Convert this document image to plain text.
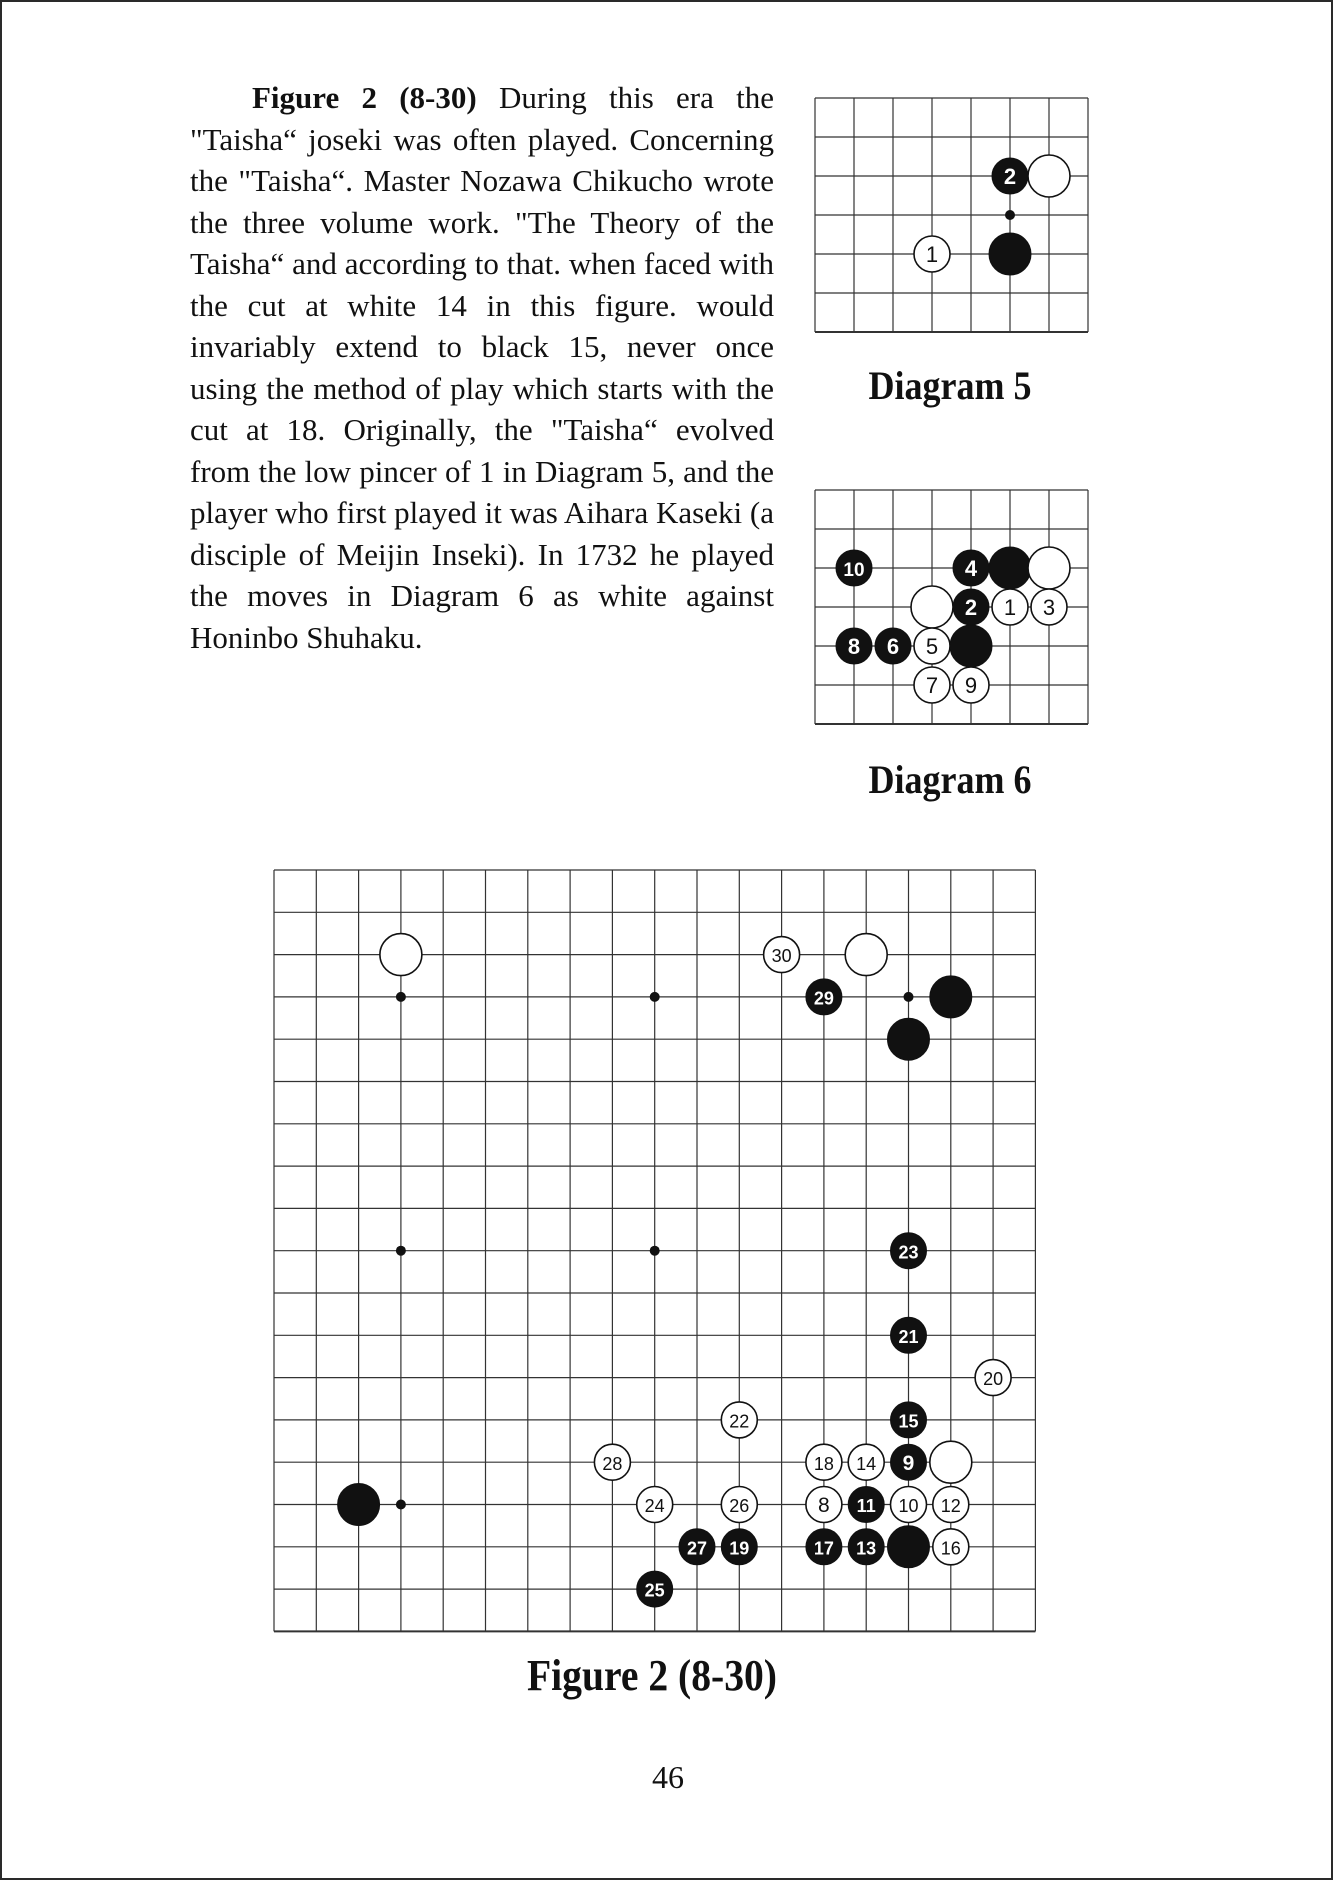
Figure 2 (8-30) During this era the "Taisha“ joseki was often played. Concerning the "Taisha“. Master Nozawa Chikucho wrote the three volume work. "The Theory of the Taisha“ and according to that. when faced with the cut at white 14 in this figure. would invariably extend to black 15, never once using the method of play which starts with the cut at 18. Originally, the "Taisha“ evolved from the low pincer of 1 in Diagram 5, and the player who first played it was Aihara Kaseki (a disciple of Meijin Inseki). In 1732 he played the moves in Diagram 6 as white against Honinbo Shuhaku.

2
1

Diagram 5

10	4
2 1 3
8 6 5
7 9

Diagram 6

30
29
23
21
20
22	15
28	18 14 9
24	26	8 11 10 12
27 19	17 13	16
25

Figure 2 (8-30)

46
